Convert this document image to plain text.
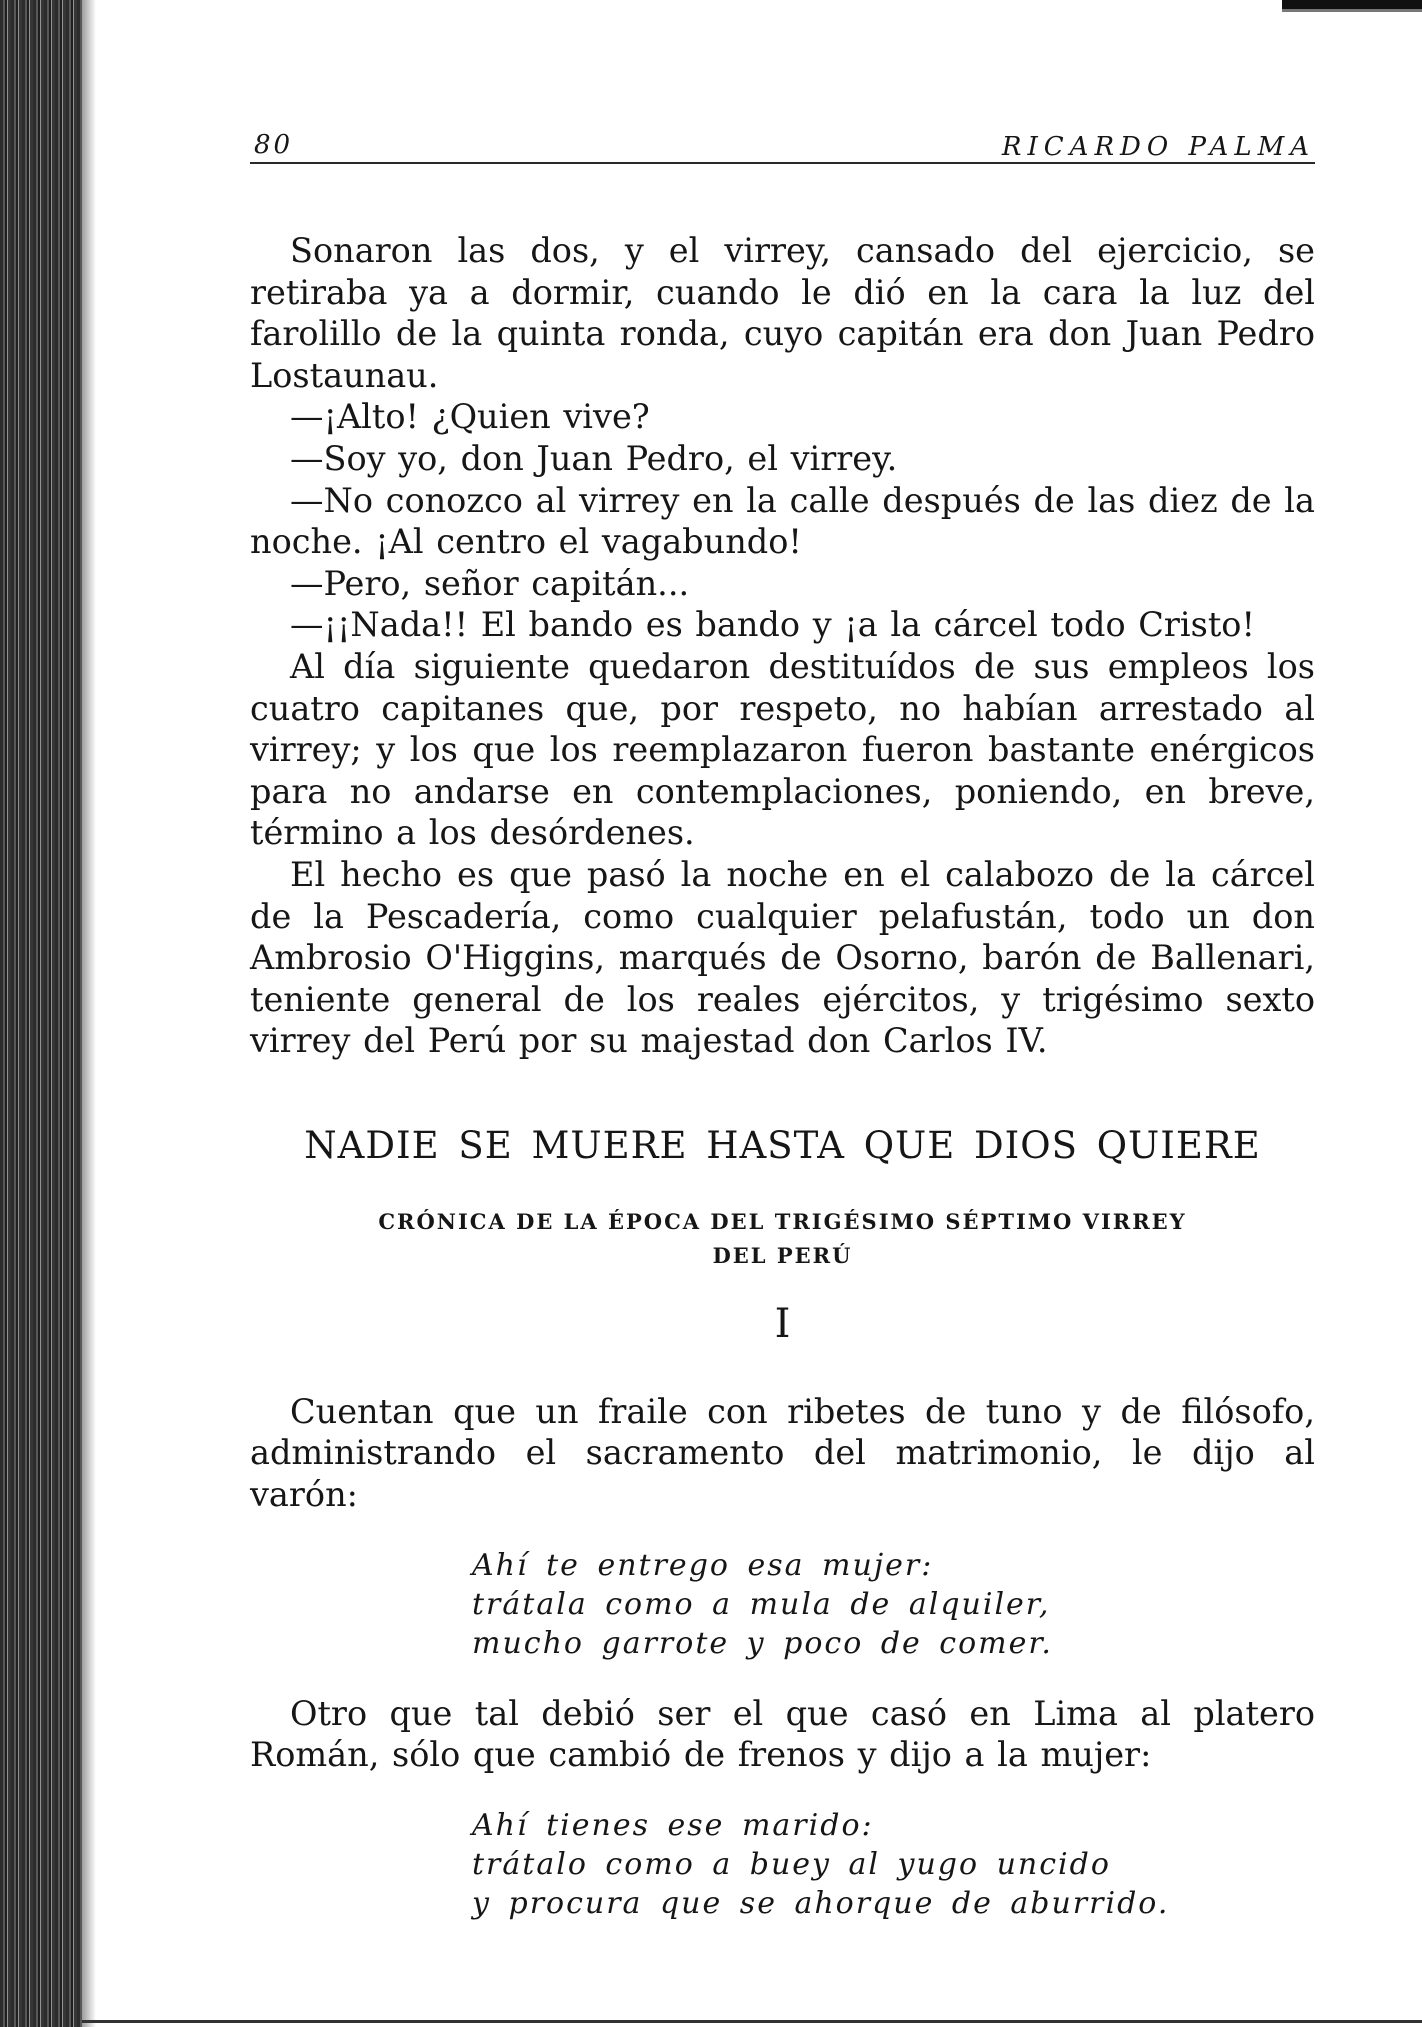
80	RICARDO PALMA

Sonaron las dos, y el virrey, cansado del ejercicio, se retiraba ya a dormir, cuando le dió en la cara la luz del farolillo de la quinta ronda, cuyo capitán era don Juan Pedro Lostaunau.

—¡Alto! ¿Quien vive?

—Soy yo, don Juan Pedro, el virrey.

—No conozco al virrey en la calle después de las diez de la noche. ¡Al centro el vagabundo!

—Pero, señor capitán...

—¡¡Nada!! El bando es bando y ¡a la cárcel todo Cristo!

Al día siguiente quedaron destituídos de sus empleos los cuatro capitanes que, por respeto, no habían arrestado al virrey; y los que los reemplazaron fueron bastante enérgicos para no andarse en contemplaciones, poniendo, en breve, término a los desórdenes.

El hecho es que pasó la noche en el calabozo de la cárcel de la Pescadería, como cualquier pelafustán, todo un don Ambrosio O'Higgins, marqués de Osorno, barón de Ballenari, teniente general de los reales ejércitos, y trigésimo sexto virrey del Perú por su majestad don Carlos IV.

NADIE SE MUERE HASTA QUE DIOS QUIERE
CRÓNICA DE LA ÉPOCA DEL TRIGÉSIMO SÉPTIMO VIRREY
DEL PERÚ
I

Cuentan que un fraile con ribetes de tuno y de filósofo, administrando el sacramento del matrimonio, le dijo al varón:

Ahí te entrego esa mujer:
trátala como a mula de alquiler,
mucho garrote y poco de comer.

Otro que tal debió ser el que casó en Lima al platero Román, sólo que cambió de frenos y dijo a la mujer:

Ahí tienes ese marido:
trátalo como a buey al yugo uncido
y procura que se ahorque de aburrido.
